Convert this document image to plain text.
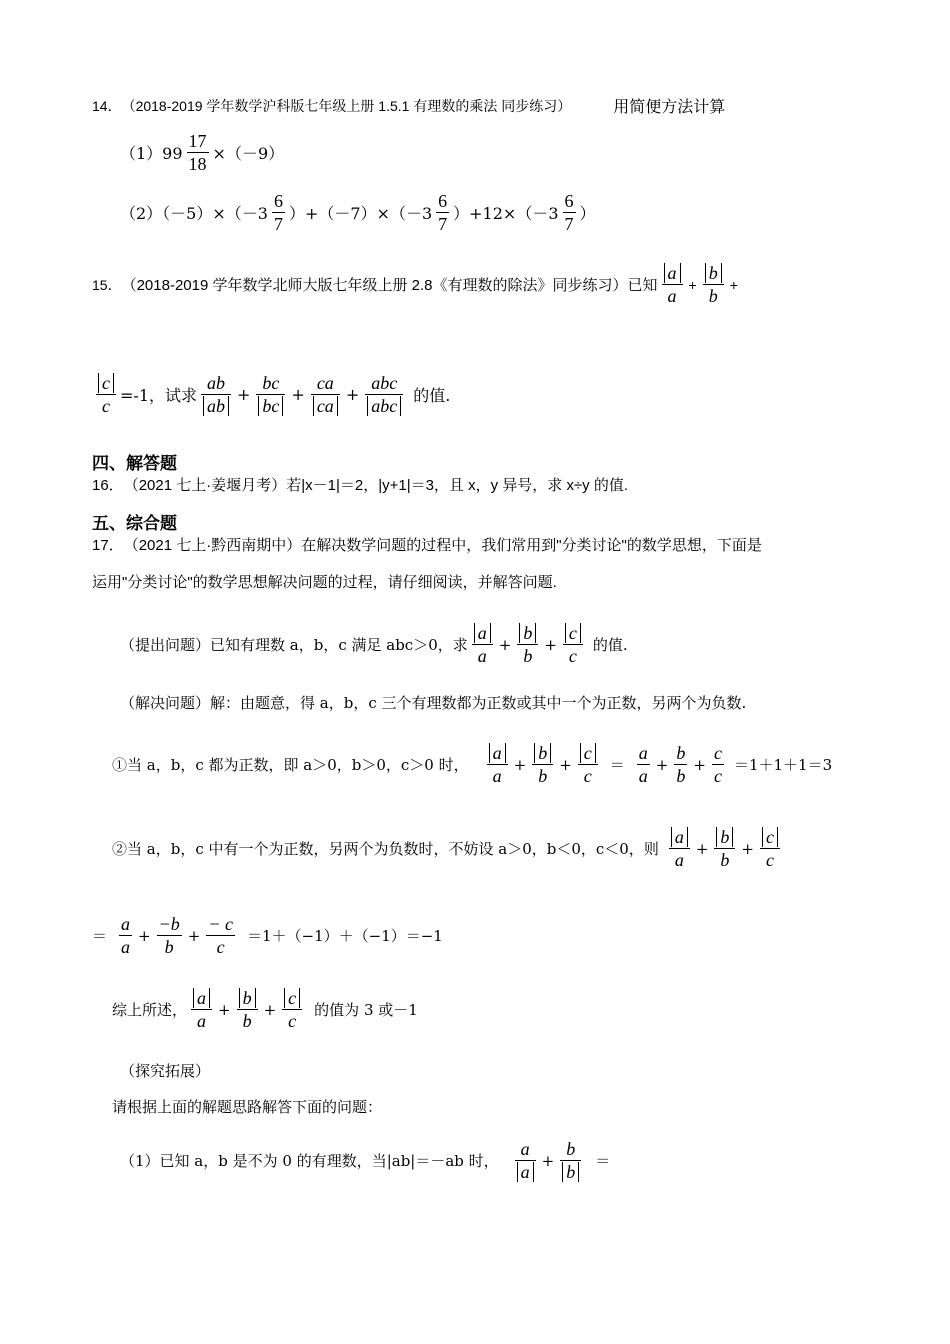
14． （2018-2019 学年数学沪科版七年级上册 1.5.1 有理数的乘法 同步练习）	用简便方法计算
$(1)99 \frac{17}{18} \times(-9)$
$(2)(-5)\times(-3 \frac{6}{7} )+(-7)\times(-3 \frac{6}{7} )+12\times(-3 \frac{6}{7}$ ）
15． （2018-2019 学年数学北师大版七年级上册 2.8《有理数的除法》同步练习）已知 $\frac{a}{a} + \frac{b}{b}$ +
$\frac{c}{c} =-1$，试求 $\frac{ab}{ab} + \frac{bc}{bc} + \frac{ca}{ca} + \frac{\text{abc}}{\text{abc}}$ 的值.
四、解答题
16． （2021 七上·姜堰月考）若|x－1|＝2，|y+1|＝3，且 x，y 异号，求 x÷y 的值.
五、综合题
17． （2021 七上·黔西南期中）在解决数学问题的过程中，我们常用到"分类讨论"的数学思想，下面是
运用"分类讨论"的数学思想解决问题的过程，请仔细阅读，并解答问题.
（提出问题）已知有理数 a，b，c 满足 abc＞0，求 $\frac{a}{a} + \frac{b}{b} + \frac{c}{c}$ 的值.
（解决问题）解：由题意，得 a，b，c 三个有理数都为正数或其中一个为正数，另两个为负数.
①当 a，b，c 都为正数，即 a＞0，b＞0，c＞0 时， $\frac{a}{a} + \frac{b}{b} + \frac{c}{c} = \frac{a}{a} + \frac{b}{b} + \frac{c}{c} =1+1+1=3$
②当 a，b，c 中有一个为正数，另两个为负数时，不妨设 a＞0，b＜0，c＜0，则 $\frac{a}{a} + \frac{b}{b} + \frac{c}{c}$
＝ $\frac{a}{a} + \frac{-b}{b} + \frac{- c}{c} =1+(-1)+(-1)=-1$
综上所述， $\frac{a}{a} + \frac{b}{b} + \frac{c}{c}$ 的值为 3 或－1
（探究拓展）
请根据上面的解题思路解答下面的问题：
（1）已知 a，b 是不为 0 的有理数，当|ab|＝－ab 时， $\frac{a}{a} + \frac{b}{b}$ ＝
